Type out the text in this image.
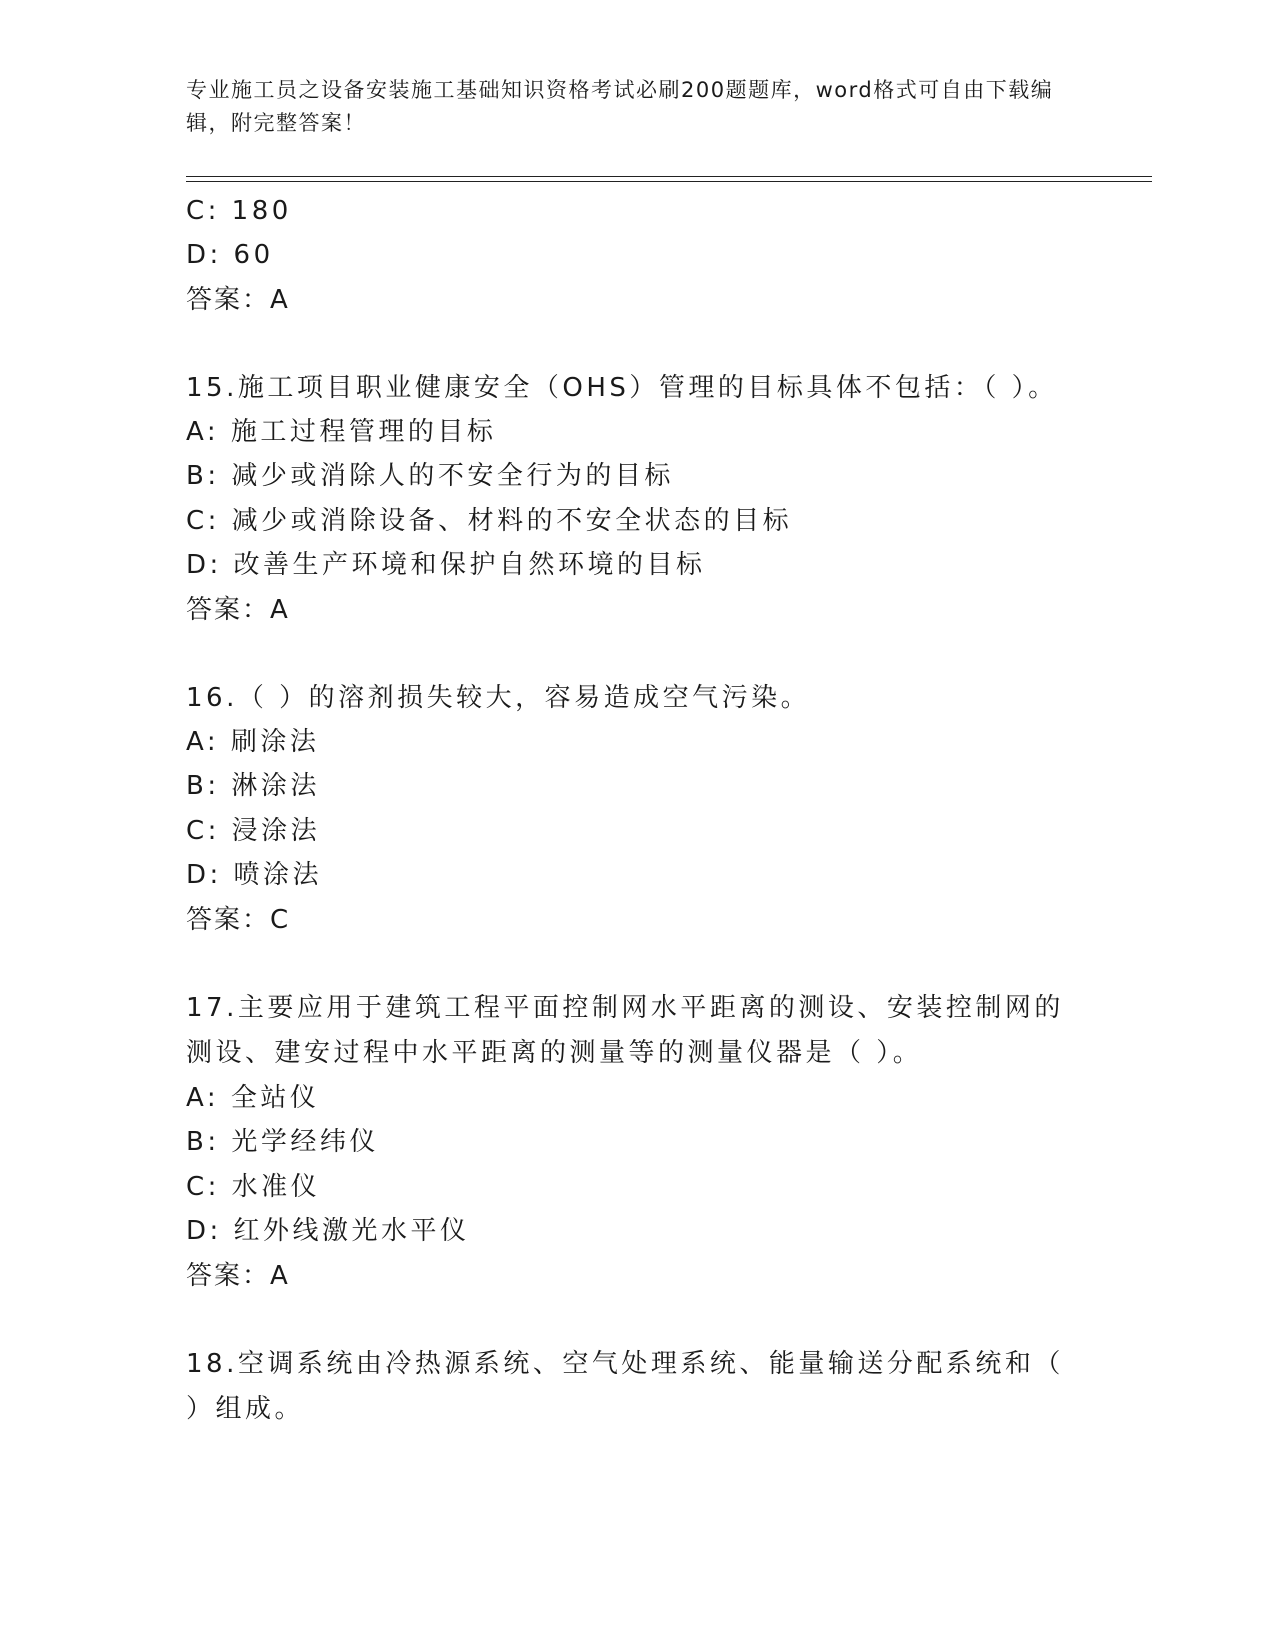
专业施工员之设备安装施工基础知识资格考试必刷200题题库，word格式可自由下载编辑，附完整答案！
C: 180
D: 60
答案：A
15.施工项目职业健康安全（OHS）管理的目标具体不包括：（ ）。
A: 施工过程管理的目标
B: 减少或消除人的不安全行为的目标
C: 减少或消除设备、材料的不安全状态的目标
D: 改善生产环境和保护自然环境的目标
答案：A
16.（ ）的溶剂损失较大，容易造成空气污染。
A: 刷涂法
B: 淋涂法
C: 浸涂法
D: 喷涂法
答案：C
17.主要应用于建筑工程平面控制网水平距离的测设、安装控制网的测设、建安过程中水平距离的测量等的测量仪器是（ ）。
A: 全站仪
B: 光学经纬仪
C: 水准仪
D: 红外线激光水平仪
答案：A
18.空调系统由冷热源系统、空气处理系统、能量输送分配系统和（ ）组成。
